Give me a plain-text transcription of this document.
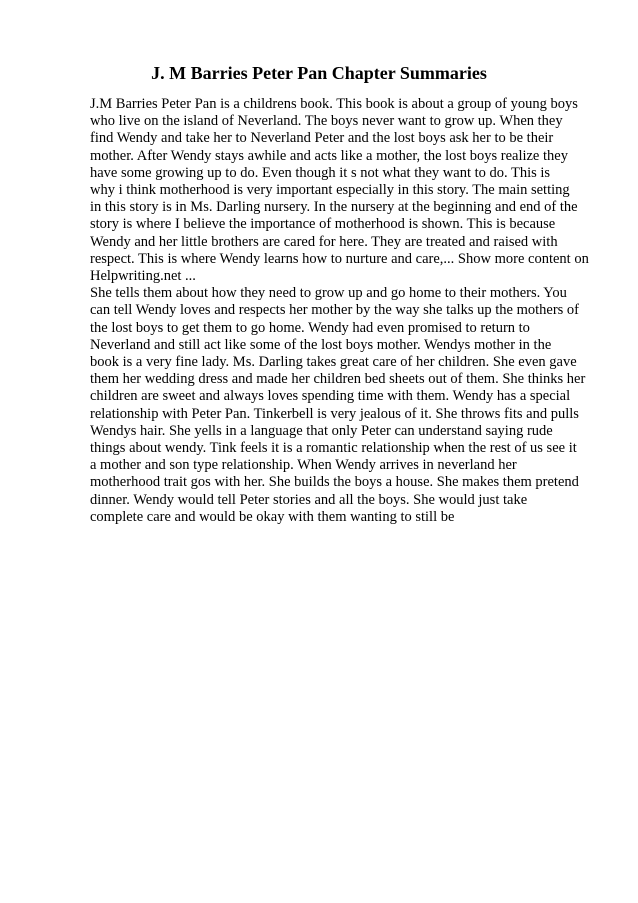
J. M Barries Peter Pan Chapter Summaries
J.M Barries Peter Pan is a childrens book. This book is about a group of young boys
who live on the island of Neverland. The boys never want to grow up. When they
find Wendy and take her to Neverland Peter and the lost boys ask her to be their
mother. After Wendy stays awhile and acts like a mother, the lost boys realize they
have some growing up to do. Even though it s not what they want to do. This is
why i think motherhood is very important especially in this story. The main setting
in this story is in Ms. Darling nursery. In the nursery at the beginning and end of the
story is where I believe the importance of motherhood is shown. This is because
Wendy and her little brothers are cared for here. They are treated and raised with
respect. This is where Wendy learns how to nurture and care,... Show more content on
Helpwriting.net ...
She tells them about how they need to grow up and go home to their mothers. You
can tell Wendy loves and respects her mother by the way she talks up the mothers of
the lost boys to get them to go home. Wendy had even promised to return to
Neverland and still act like some of the lost boys mother. Wendys mother in the
book is a very fine lady. Ms. Darling takes great care of her children. She even gave
them her wedding dress and made her children bed sheets out of them. She thinks her
children are sweet and always loves spending time with them. Wendy has a special
relationship with Peter Pan. Tinkerbell is very jealous of it. She throws fits and pulls
Wendys hair. She yells in a language that only Peter can understand saying rude
things about wendy. Tink feels it is a romantic relationship when the rest of us see it
a mother and son type relationship. When Wendy arrives in neverland her
motherhood trait gos with her. She builds the boys a house. She makes them pretend
dinner. Wendy would tell Peter stories and all the boys. She would just take
complete care and would be okay with them wanting to still be
